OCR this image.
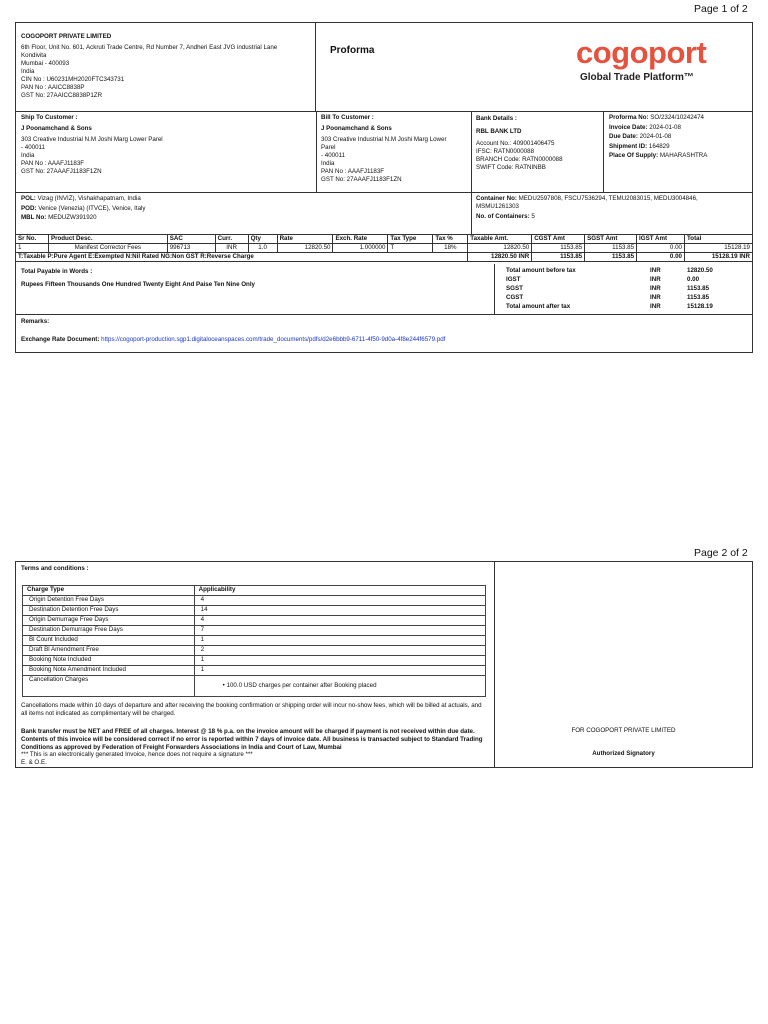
Page 1 of 2
COGOPORT PRIVATE LIMITED
6th Floor, Unit No. 601, Ackruti Trade Centre, Rd Number 7, Andheri East JVG industrial Lane
Kondivita
Mumbai - 400093
India
CIN No : U60231MH2020FTC343731
PAN No : AAICC8838P
GST No: 27AAICC8838P1ZR
Proforma	cogoport
Global Trade Platform™
Ship To Customer :
J Poonamchand & Sons
303 Creative Industrial N.M Joshi Marg Lower Parel
- 400011
India
PAN No : AAAFJ1183F
GST No: 27AAAFJ1183F1ZN
Bill To Customer :
J Poonamchand & Sons
303 Creative Industrial N.M Joshi Marg Lower
Parel
- 400011
India
PAN No : AAAFJ1183F
GST No: 27AAAFJ1183F1ZN
Bank Details :
RBL BANK LTD
Account No.: 409001406475
IFSC: RATN0000088
BRANCH Code: RATN0000088
SWIFT Code: RATNINBB
Proforma No: SO/2324/10242474
Invoice Date: 2024-01-08
Due Date: 2024-01-08
Shipment ID: 164829
Place Of Supply: MAHARASHTRA
POL: Vizag (INVIZ), Vishakhapatnam, India
POD: Venice (Venezia) (ITVCE), Venice, Italy
MBL No: MEDUZW391920
Container No: MEDU2597808, FSCU7536294, TEMU2083015, MEDU3004846,
MSMU1261303
No. of Containers: 5
Sr No.	Product Desc.	SAC	Curr.	Qty	Rate	Exch. Rate	Tax Type	Tax %	Taxable Amt.	CGST Amt	SGST Amt	IGST Amt	Total
1	Manifest Corrector Fees	996713	INR	1.0	12820.50	1.000000	T	18%	12820.50	1153.85	1153.85	0.00	15128.19
T:Taxable P:Pure Agent E:Exempted N:Nil Rated NG:Non GST R:Reverse Charge									12820.50 INR	1153.85	1153.85	0.00	15128.19 INR
Total Payable in Words :
Rupees Fifteen Thousands One Hundred Twenty Eight And Paise Ten Nine Only
Total amount before tax	INR	12820.50
IGST	INR	0.00
SGST	INR	1153.85
CGST	INR	1153.85
Total amount after tax	INR	15128.19
Remarks:
Exchange Rate Document: https://cogoport-production.sgp1.digitaloceanspaces.com/trade_documents/pdfs/d2e6bbb9-6711-4f50-9d0a-4f8e244f6579.pdf
Page 2 of 2
Terms and conditions :
Charge Type	Applicability
Origin Detention Free Days	4
Destination Detention Free Days	14
Origin Demurrage Free Days	4
Destination Demurrage Free Days	7
Bl Count Included	1
Draft Bl Amendment Free	2
Booking Note Included	1
Booking Note Amendment Included	1
Cancellation Charges	• 100.0 USD charges per container after Booking placed
Cancellations made within 10 days of departure and after receiving the booking confirmation or shipping order will incur no-show fees, which will be billed at actuals, and all items not indicated as complimentary will be charged.
Bank transfer must be NET and FREE of all charges. Interest @ 18 % p.a. on the invoice amount will be charged if payment is not received within due date. Contents of this invoice will be considered correct if no error is reported within 7 days of invoice date. All business is transacted subject to Standard Trading Conditions as approved by Federation of Freight Forwarders Associations in India and Court of Law, Mumbai
*** This is an electronically generated Invoice, hence does not require a signature ***
E. & O.E.
FOR COGOPORT PRIVATE LIMITED
Authorized Signatory
